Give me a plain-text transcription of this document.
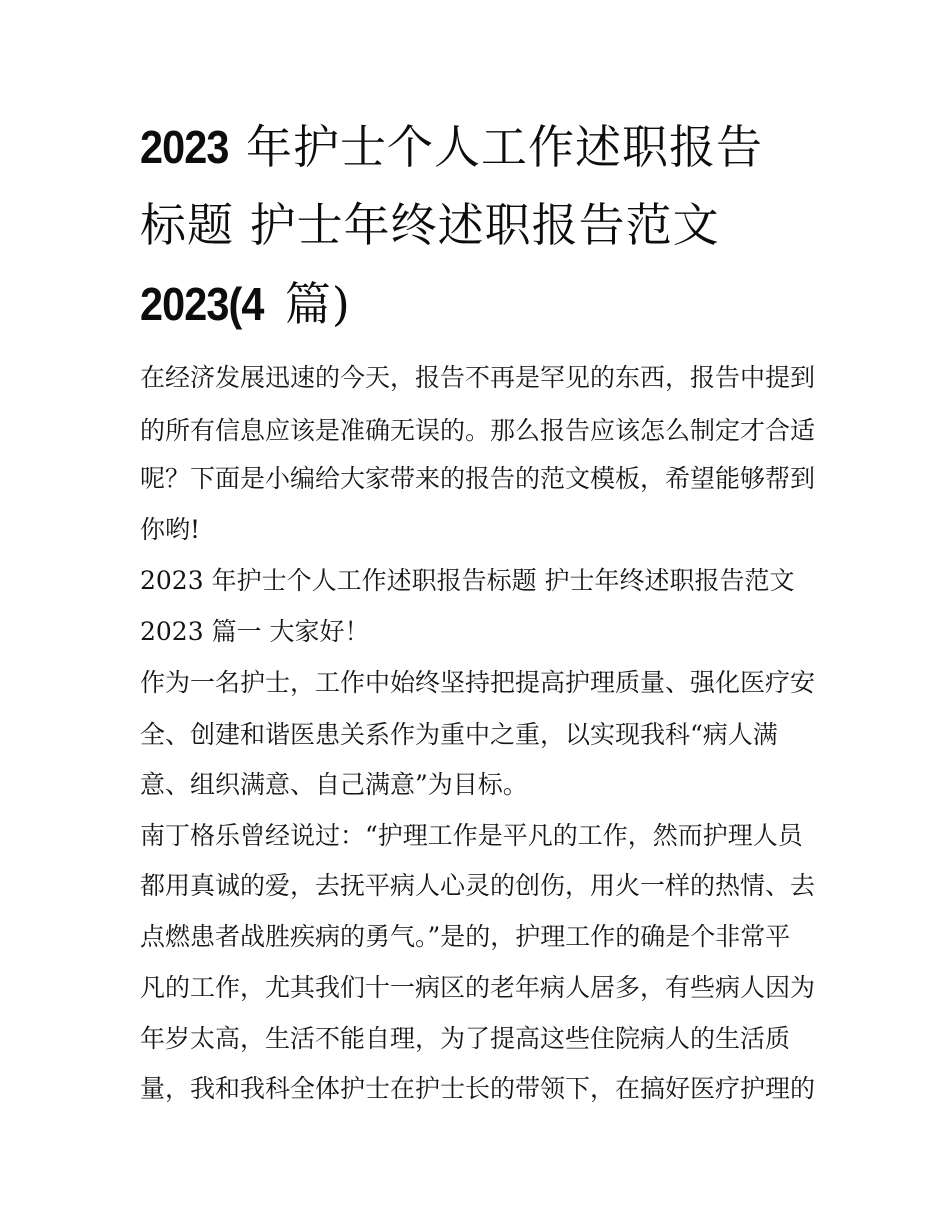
2023 年护士个人工作述职报告
标题 护士年终述职报告范文
2023(4 篇)
在经济发展迅速的今天，报告不再是罕见的东西，报告中提到
的所有信息应该是准确无误的。那么报告应该怎么制定才合适
呢？下面是小编给大家带来的报告的范文模板，希望能够帮到
你哟!
2023 年护士个人工作述职报告标题 护士年终述职报告范文
2023 篇一 大家好！
作为一名护士，工作中始终坚持把提高护理质量、强化医疗安
全、创建和谐医患关系作为重中之重，以实现我科“病人满
意、组织满意、自己满意”为目标。
南丁格乐曾经说过：“护理工作是平凡的工作，然而护理人员
都用真诚的爱，去抚平病人心灵的创伤，用火一样的热情、去
点燃患者战胜疾病的勇气。”是的，护理工作的确是个非常平
凡的工作，尤其我们十一病区的老年病人居多，有些病人因为
年岁太高，生活不能自理，为了提高这些住院病人的生活质
量，我和我科全体护士在护士长的带领下，在搞好医疗护理的
